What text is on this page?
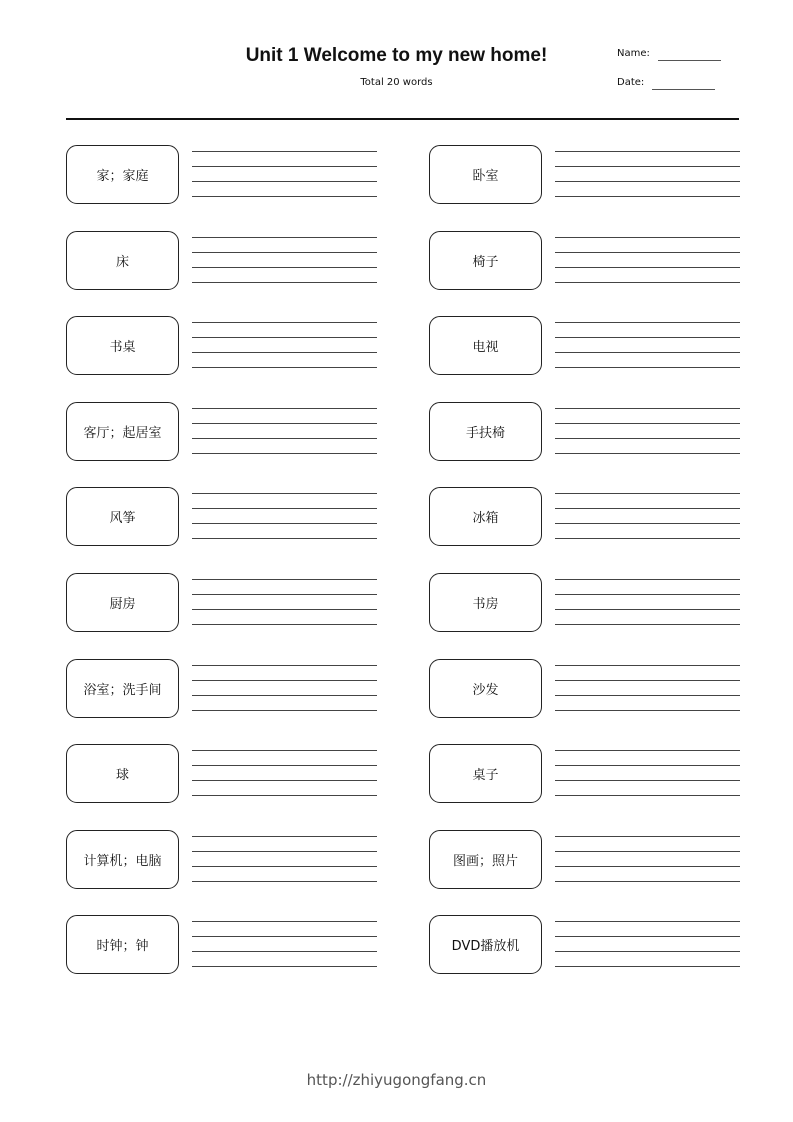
Unit 1 Welcome to my new home!
Total 20 words
Name:
Date:
家；家庭	卧室
床	椅子
书桌	电视
客厅；起居室	手扶椅
风筝	冰箱
厨房	书房
浴室；洗手间	沙发
球	桌子
计算机；电脑	图画；照片
时钟；钟	DVD播放机
http://zhiyugongfang.cn
